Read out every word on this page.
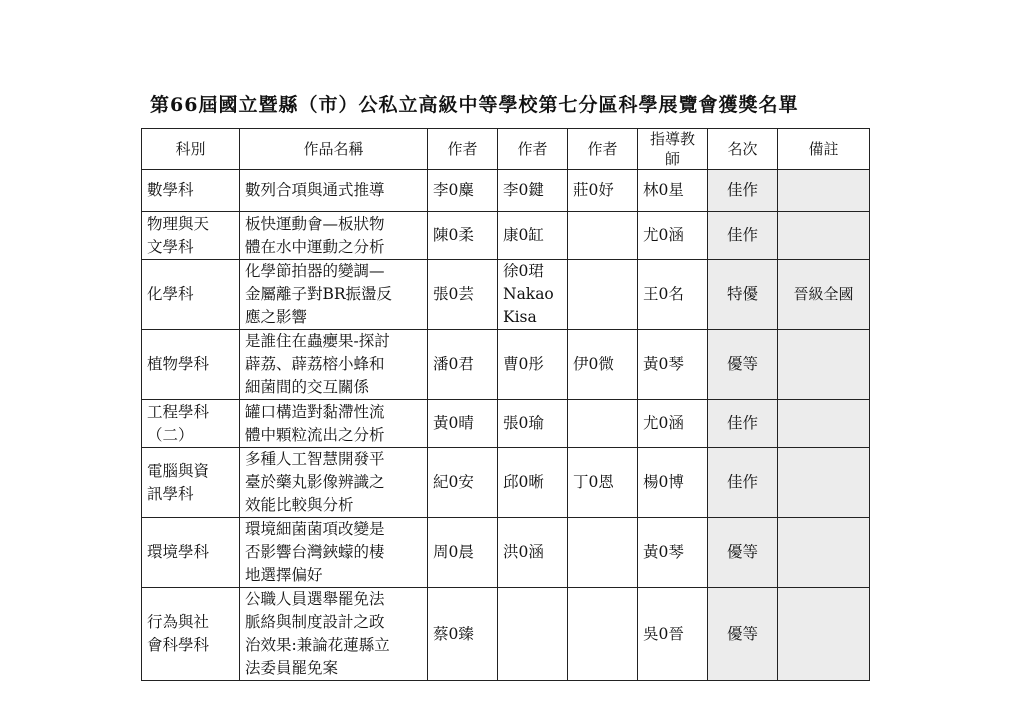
第66屆國立暨縣（市）公私立高級中等學校第七分區科學展覽會獲獎名單
科別	作品名稱	作者	作者	作者	指導教師	名次	備註
數學科	數列合項與通式推導	李0麋	李0鍵	莊0妤	林0星	佳作	
物理與天
文學科	板快運動會—板狀物
體在水中運動之分析	陳0柔	康0缸		尤0涵	佳作	
化學科	化學節拍器的變調—
金屬離子對BR振盪反
應之影響	張0芸	徐0珺
Nakao
Kisa		王0名	特優	晉級全國
植物學科	是誰住在蟲癭果-探討
薜荔、薜荔榕小蜂和
細菌間的交互關係	潘0君	曹0彤	伊0微	黃0琴	優等	
工程學科
（二）	罐口構造對黏滯性流
體中顆粒流出之分析	黃0晴	張0瑜		尤0涵	佳作	
電腦與資
訊學科	多種人工智慧開發平
臺於藥丸影像辨識之
效能比較與分析	紀0安	邱0晰	丁0恩	楊0博	佳作	
環境學科	環境細菌菌項改變是
否影響台灣鋏蠓的棲
地選擇偏好	周0晨	洪0涵		黃0琴	優等	
行為與社
會科學科	公職人員選舉罷免法
脈絡與制度設計之政
治效果:兼論花蓮縣立
法委員罷免案	蔡0臻			吳0晉	優等	
